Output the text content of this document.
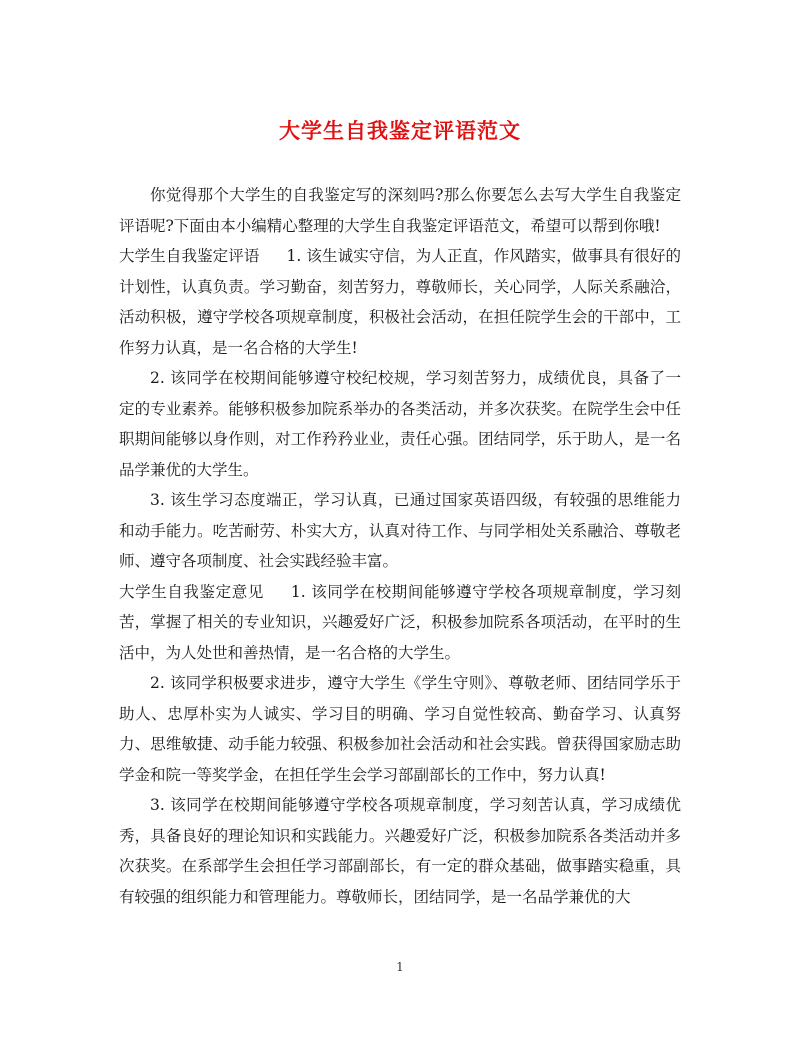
大学生自我鉴定评语范文

你觉得那个大学生的自我鉴定写的深刻吗?那么你要怎么去写大学生自我鉴定评语呢?下面由本小编精心整理的大学生自我鉴定评语范文，希望可以帮到你哦!

大学生自我鉴定评语 1. 该生诚实守信，为人正直，作风踏实，做事具有很好的计划性，认真负责。学习勤奋，刻苦努力，尊敬师长，关心同学，人际关系融洽，活动积极，遵守学校各项规章制度，积极社会活动，在担任院学生会的干部中，工作努力认真，是一名合格的大学生!

2. 该同学在校期间能够遵守校纪校规，学习刻苦努力，成绩优良，具备了一定的专业素养。能够积极参加院系举办的各类活动，并多次获奖。在院学生会中任职期间能够以身作则，对工作矜矜业业，责任心强。团结同学，乐于助人，是一名品学兼优的大学生。

3. 该生学习态度端正，学习认真，已通过国家英语四级，有较强的思维能力和动手能力。吃苦耐劳、朴实大方，认真对待工作、与同学相处关系融洽、尊敬老师、遵守各项制度、社会实践经验丰富。

大学生自我鉴定意见 1. 该同学在校期间能够遵守学校各项规章制度，学习刻苦，掌握了相关的专业知识，兴趣爱好广泛，积极参加院系各项活动，在平时的生活中，为人处世和善热情，是一名合格的大学生。

2. 该同学积极要求进步，遵守大学生《学生守则》、尊敬老师、团结同学乐于助人、忠厚朴实为人诚实、学习目的明确、学习自觉性较高、勤奋学习、认真努力、思维敏捷、动手能力较强、积极参加社会活动和社会实践。曾获得国家励志助学金和院一等奖学金，在担任学生会学习部副部长的工作中，努力认真!

3. 该同学在校期间能够遵守学校各项规章制度，学习刻苦认真，学习成绩优秀，具备良好的理论知识和实践能力。兴趣爱好广泛，积极参加院系各类活动并多次获奖。在系部学生会担任学习部副部长，有一定的群众基础，做事踏实稳重，具有较强的组织能力和管理能力。尊敬师长，团结同学，是一名品学兼优的大

1
